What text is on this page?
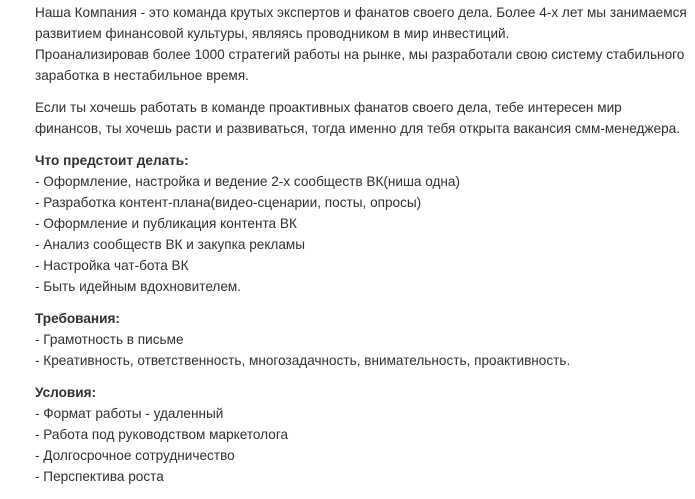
Наша Компания - это команда крутых экспертов и фанатов своего дела. Более 4-х лет мы занимаемся
развитием финансовой культуры, являясь проводником в мир инвестиций.
Проанализировав более 1000 стратегий работы на рынке, мы разработали свою систему стабильного
заработка в нестабильное время.
Если ты хочешь работать в команде проактивных фанатов своего дела, тебе интересен мир
финансов, ты хочешь расти и развиваться, тогда именно для тебя открыта вакансия смм-менеджера.
Что предстоит делать:
- Оформление, настройка и ведение 2-х сообществ ВК(ниша одна)
- Разработка контент-плана(видео-сценарии, посты, опросы)
- Оформление и публикация контента ВК
- Анализ сообществ ВК и закупка рекламы
- Настройка чат-бота ВК
- Быть идейным вдохновителем.
Требования:
- Грамотность в письме
- Креативность, ответственность, многозадачность, внимательность, проактивность.
Условия:
- Формат работы - удаленный
- Работа под руководством маркетолога
- Долгосрочное сотрудничество
- Перспектива роста
